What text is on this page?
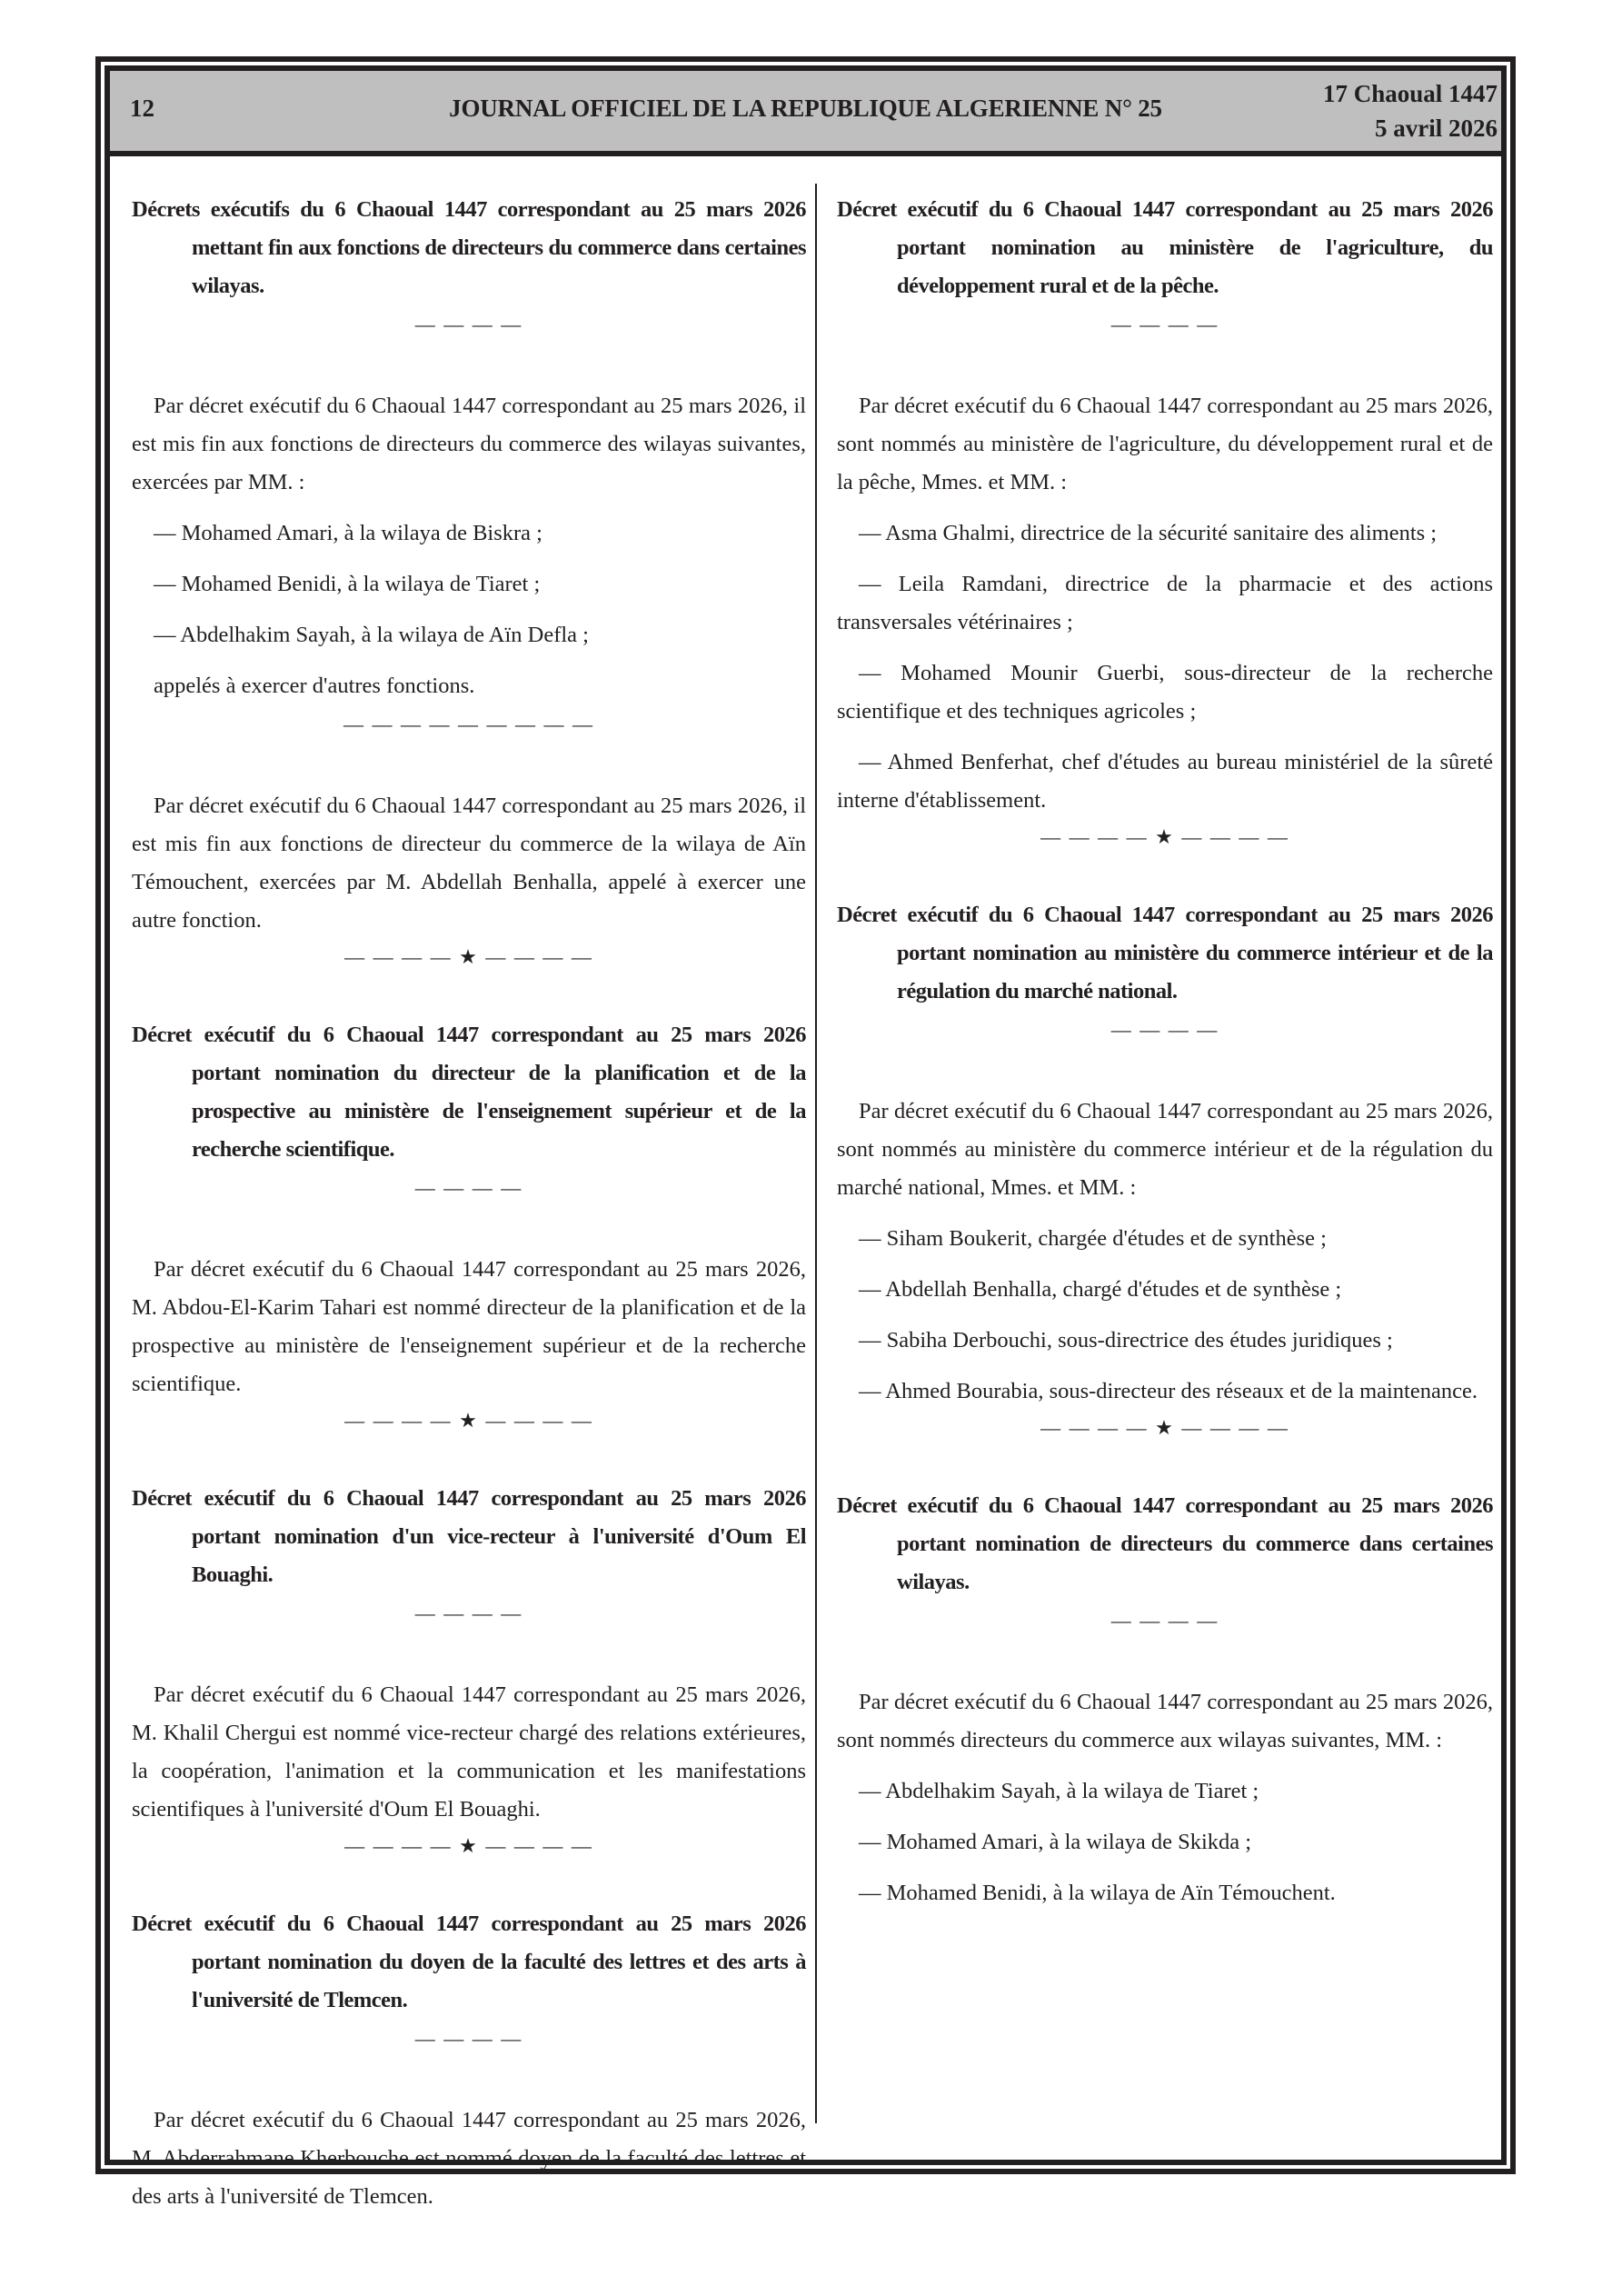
12	JOURNAL OFFICIEL DE LA REPUBLIQUE ALGERIENNE N° 25
17 Chaoual 1447
5 avril 2026

Décrets exécutifs du 6 Chaoual 1447 correspondant au 25 mars 2026 mettant fin aux fonctions de directeurs du commerce dans certaines wilayas.

— — — —

Par décret exécutif du 6 Chaoual 1447 correspondant au 25 mars 2026, il est mis fin aux fonctions de directeurs du commerce des wilayas suivantes, exercées par MM. :

— Mohamed Amari, à la wilaya de Biskra ;

— Mohamed Benidi, à la wilaya de Tiaret ;

— Abdelhakim Sayah, à la wilaya de Aïn Defla ;

appelés à exercer d'autres fonctions.

— — — — — — — — —

Par décret exécutif du 6 Chaoual 1447 correspondant au 25 mars 2026, il est mis fin aux fonctions de directeur du commerce de la wilaya de Aïn Témouchent, exercées par M. Abdellah Benhalla, appelé à exercer une autre fonction.

— — — — ★ — — — —

Décret exécutif du 6 Chaoual 1447 correspondant au 25 mars 2026 portant nomination du directeur de la planification et de la prospective au ministère de l'enseignement supérieur et de la recherche scientifique.

— — — —

Par décret exécutif du 6 Chaoual 1447 correspondant au 25 mars 2026, M. Abdou-El-Karim Tahari est nommé directeur de la planification et de la prospective au ministère de l'enseignement supérieur et de la recherche scientifique.

— — — — ★ — — — —

Décret exécutif du 6 Chaoual 1447 correspondant au 25 mars 2026 portant nomination d'un vice-recteur à l'université d'Oum El Bouaghi.

— — — —

Par décret exécutif du 6 Chaoual 1447 correspondant au 25 mars 2026, M. Khalil Chergui est nommé vice-recteur chargé des relations extérieures, la coopération, l'animation et la communication et les manifestations scientifiques à l'université d'Oum El Bouaghi.

— — — — ★ — — — —

Décret exécutif du 6 Chaoual 1447 correspondant au 25 mars 2026 portant nomination du doyen de la faculté des lettres et des arts à l'université de Tlemcen.

— — — —

Par décret exécutif du 6 Chaoual 1447 correspondant au 25 mars 2026, M. Abderrahmane Kherbouche est nommé doyen de la faculté des lettres et des arts à l'université de Tlemcen.

Décret exécutif du 6 Chaoual 1447 correspondant au 25 mars 2026 portant nomination au ministère de l'agriculture, du développement rural et de la pêche.

— — — —

Par décret exécutif du 6 Chaoual 1447 correspondant au 25 mars 2026, sont nommés au ministère de l'agriculture, du développement rural et de la pêche, Mmes. et MM. :

— Asma Ghalmi, directrice de la sécurité sanitaire des aliments ;

— Leila Ramdani, directrice de la pharmacie et des actions transversales vétérinaires ;

— Mohamed Mounir Guerbi, sous-directeur de la recherche scientifique et des techniques agricoles ;

— Ahmed Benferhat, chef d'études au bureau ministériel de la sûreté interne d'établissement.

— — — — ★ — — — —

Décret exécutif du 6 Chaoual 1447 correspondant au 25 mars 2026 portant nomination au ministère du commerce intérieur et de la régulation du marché national.

— — — —

Par décret exécutif du 6 Chaoual 1447 correspondant au 25 mars 2026, sont nommés au ministère du commerce intérieur et de la régulation du marché national, Mmes. et MM. :

— Siham Boukerit, chargée d'études et de synthèse ;

— Abdellah Benhalla, chargé d'études et de synthèse ;

— Sabiha Derbouchi, sous-directrice des études juridiques ;

— Ahmed Bourabia, sous-directeur des réseaux et de la maintenance.

— — — — ★ — — — —

Décret exécutif du 6 Chaoual 1447 correspondant au 25 mars 2026 portant nomination de directeurs du commerce dans certaines wilayas.

— — — —

Par décret exécutif du 6 Chaoual 1447 correspondant au 25 mars 2026, sont nommés directeurs du commerce aux wilayas suivantes, MM. :

— Abdelhakim Sayah, à la wilaya de Tiaret ;

— Mohamed Amari, à la wilaya de Skikda ;

— Mohamed Benidi, à la wilaya de Aïn Témouchent.
